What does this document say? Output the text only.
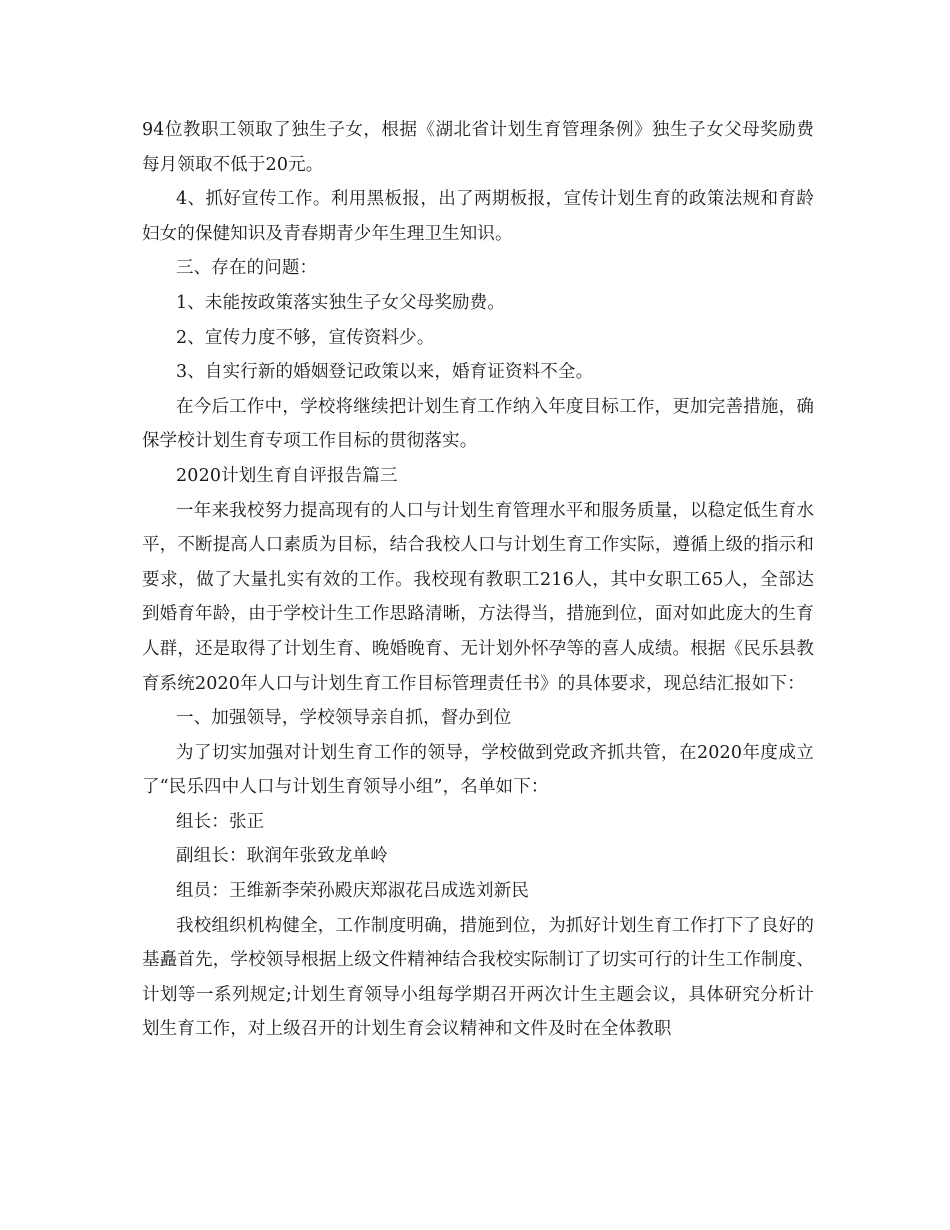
94位教职工领取了独生子女，根据《湖北省计划生育管理条例》独生子女父母奖励费每月领取不低于20元。

4、抓好宣传工作。利用黑板报，出了两期板报，宣传计划生育的政策法规和育龄妇女的保健知识及青春期青少年生理卫生知识。

三、存在的问题：

1、未能按政策落实独生子女父母奖励费。

2、宣传力度不够，宣传资料少。

3、自实行新的婚姻登记政策以来，婚育证资料不全。

在今后工作中，学校将继续把计划生育工作纳入年度目标工作，更加完善措施，确保学校计划生育专项工作目标的贯彻落实。

2020计划生育自评报告篇三

一年来我校努力提高现有的人口与计划生育管理水平和服务质量，以稳定低生育水平，不断提高人口素质为目标，结合我校人口与计划生育工作实际，遵循上级的指示和要求，做了大量扎实有效的工作。我校现有教职工216人，其中女职工65人，全部达到婚育年龄，由于学校计生工作思路清晰，方法得当，措施到位，面对如此庞大的生育人群，还是取得了计划生育、晚婚晚育、无计划外怀孕等的喜人成绩。根据《民乐县教育系统2020年人口与计划生育工作目标管理责任书》的具体要求，现总结汇报如下：

一、加强领导，学校领导亲自抓，督办到位

为了切实加强对计划生育工作的领导，学校做到党政齐抓共管，在2020年度成立了“民乐四中人口与计划生育领导小组”，名单如下：

组长：张正

副组长：耿润年张致龙单岭

组员：王维新李荣孙殿庆郑淑花吕成选刘新民

我校组织机构健全，工作制度明确，措施到位，为抓好计划生育工作打下了良好的基矗首先，学校领导根据上级文件精神结合我校实际制订了切实可行的计生工作制度、计划等一系列规定;计划生育领导小组每学期召开两次计生主题会议，具体研究分析计划生育工作，对上级召开的计划生育会议精神和文件及时在全体教职
